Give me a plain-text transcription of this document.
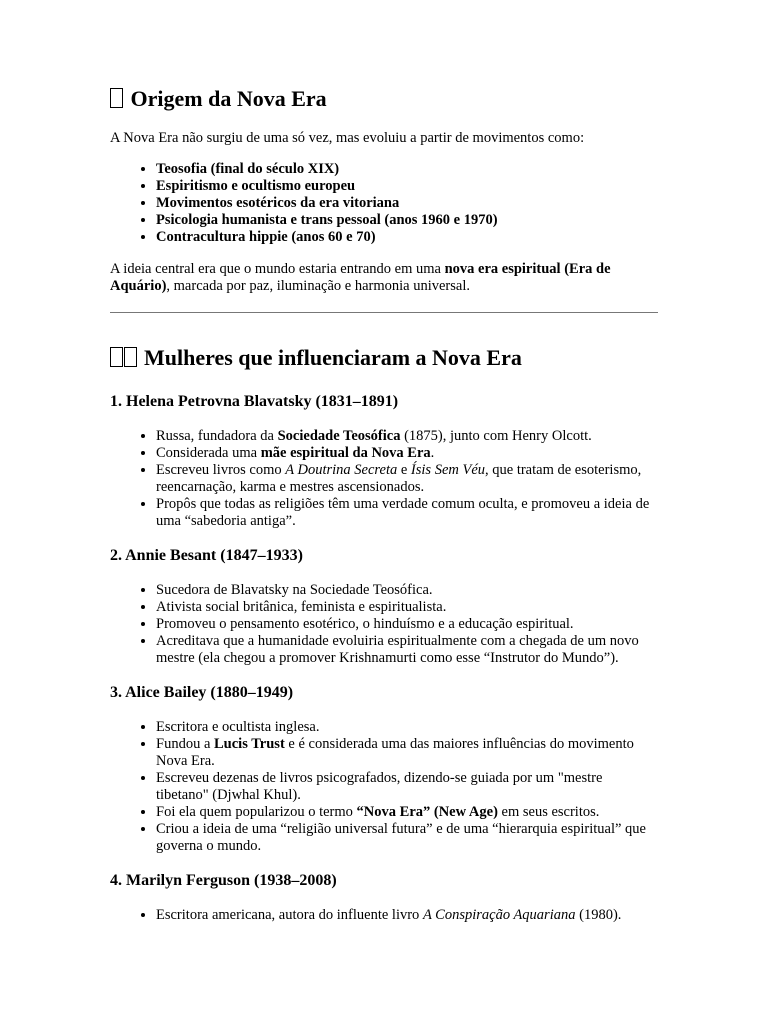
Origem da Nova Era

A Nova Era não surgiu de uma só vez, mas evoluiu a partir de movimentos como:

• Teosofia (final do século XIX)
• Espiritismo e ocultismo europeu
• Movimentos esotéricos da era vitoriana
• Psicologia humanista e trans pessoal (anos 1960 e 1970)
• Contracultura hippie (anos 60 e 70)

A ideia central era que o mundo estaria entrando em uma nova era espiritual (Era de Aquário), marcada por paz, iluminação e harmonia universal.

Mulheres que influenciaram a Nova Era
1. Helena Petrovna Blavatsky (1831–1891)
• Russa, fundadora da Sociedade Teosófica (1875), junto com Henry Olcott.
• Considerada uma mãe espiritual da Nova Era.
• Escreveu livros como A Doutrina Secreta e Ísis Sem Véu, que tratam de esoterismo, reencarnação, karma e mestres ascensionados.
• Propôs que todas as religiões têm uma verdade comum oculta, e promoveu a ideia de uma “sabedoria antiga”.
2. Annie Besant (1847–1933)
• Sucedora de Blavatsky na Sociedade Teosófica.
• Ativista social britânica, feminista e espiritualista.
• Promoveu o pensamento esotérico, o hinduísmo e a educação espiritual.
• Acreditava que a humanidade evoluiria espiritualmente com a chegada de um novo mestre (ela chegou a promover Krishnamurti como esse “Instrutor do Mundo”).
3. Alice Bailey (1880–1949)
• Escritora e ocultista inglesa.
• Fundou a Lucis Trust e é considerada uma das maiores influências do movimento Nova Era.
• Escreveu dezenas de livros psicografados, dizendo-se guiada por um "mestre tibetano" (Djwhal Khul).
• Foi ela quem popularizou o termo “Nova Era” (New Age) em seus escritos.
• Criou a ideia de uma “religião universal futura” e de uma “hierarquia espiritual” que governa o mundo.
4. Marilyn Ferguson (1938–2008)
• Escritora americana, autora do influente livro A Conspiração Aquariana (1980).
